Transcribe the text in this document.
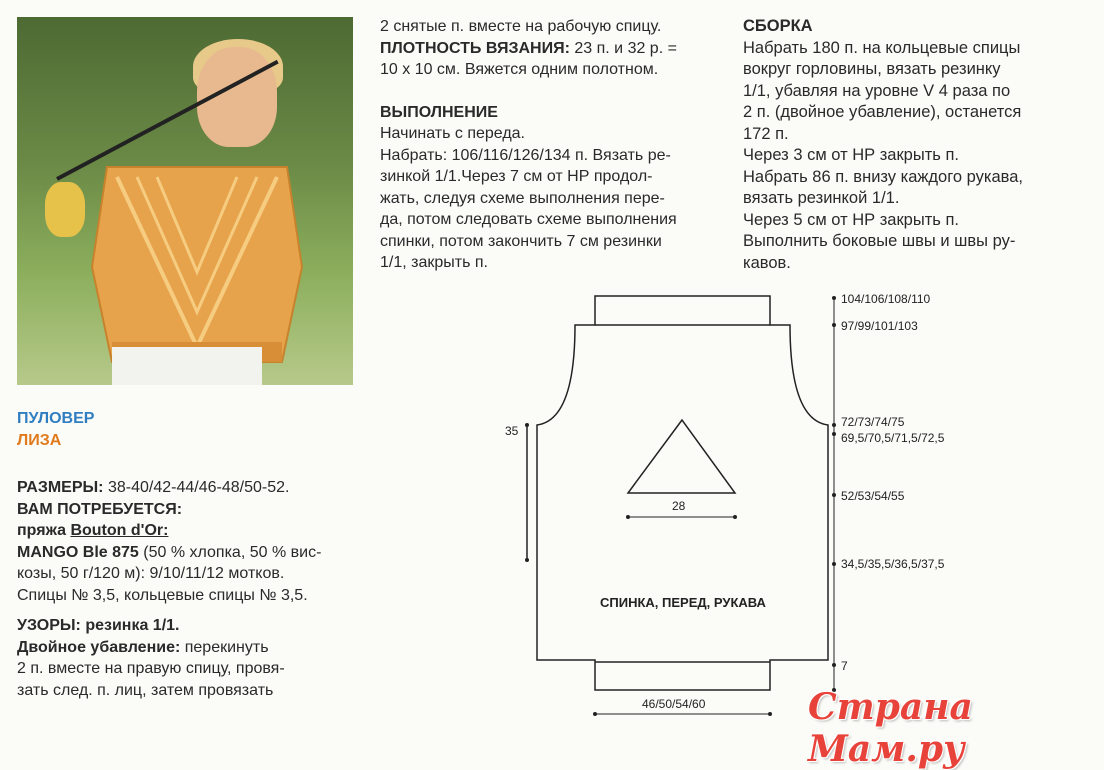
ПУЛОВЕР
ЛИЗА
РАЗМЕРЫ: 38-40/42-44/46-48/50-52.
ВАМ ПОТРЕБУЕТСЯ:
пряжа Bouton d'Or:
MANGO Ble 875 (50 % хлопка, 50 % вис-
козы, 50 г/120 м): 9/10/11/12 мотков.
Спицы № 3,5, кольцевые спицы № 3,5.
УЗОРЫ: резинка 1/1.
Двойное убавление: перекинуть
2 п. вместе на правую спицу, провя-
зать след. п. лиц, затем провязать
2 снятые п. вместе на рабочую спицу.
ПЛОТНОСТЬ ВЯЗАНИЯ: 23 п. и 32 р. =
10 х 10 см. Вяжется одним полотном.
ВЫПОЛНЕНИЕ
Начинать с переда.
Набрать: 106/116/126/134 п. Вязать ре-
зинкой 1/1.Через 7 см от НР продол-
жать, следуя схеме выполнения пере-
да, потом следовать схеме выполнения
спинки, потом закончить 7 см резинки
1/1, закрыть п.
СБОРКА
Набрать 180 п. на кольцевые спицы
вокруг горловины, вязать резинку
1/1, убавляя на уровне V 4 раза по
2 п. (двойное убавление), останется
172 п.
Через 3 см от НР закрыть п.
Набрать 86 п. внизу каждого рукава,
вязать резинкой 1/1.
Через 5 см от НР закрыть п.
Выполнить боковые швы и швы ру-
кавов.
35
28
46/50/54/60
104/106/108/110
97/99/101/103
72/73/74/75
69,5/70,5/71,5/72,5
52/53/54/55
34,5/35,5/36,5/37,5
7
СПИНКА, ПЕРЕД, РУКАВА
Страна Мам.ру
